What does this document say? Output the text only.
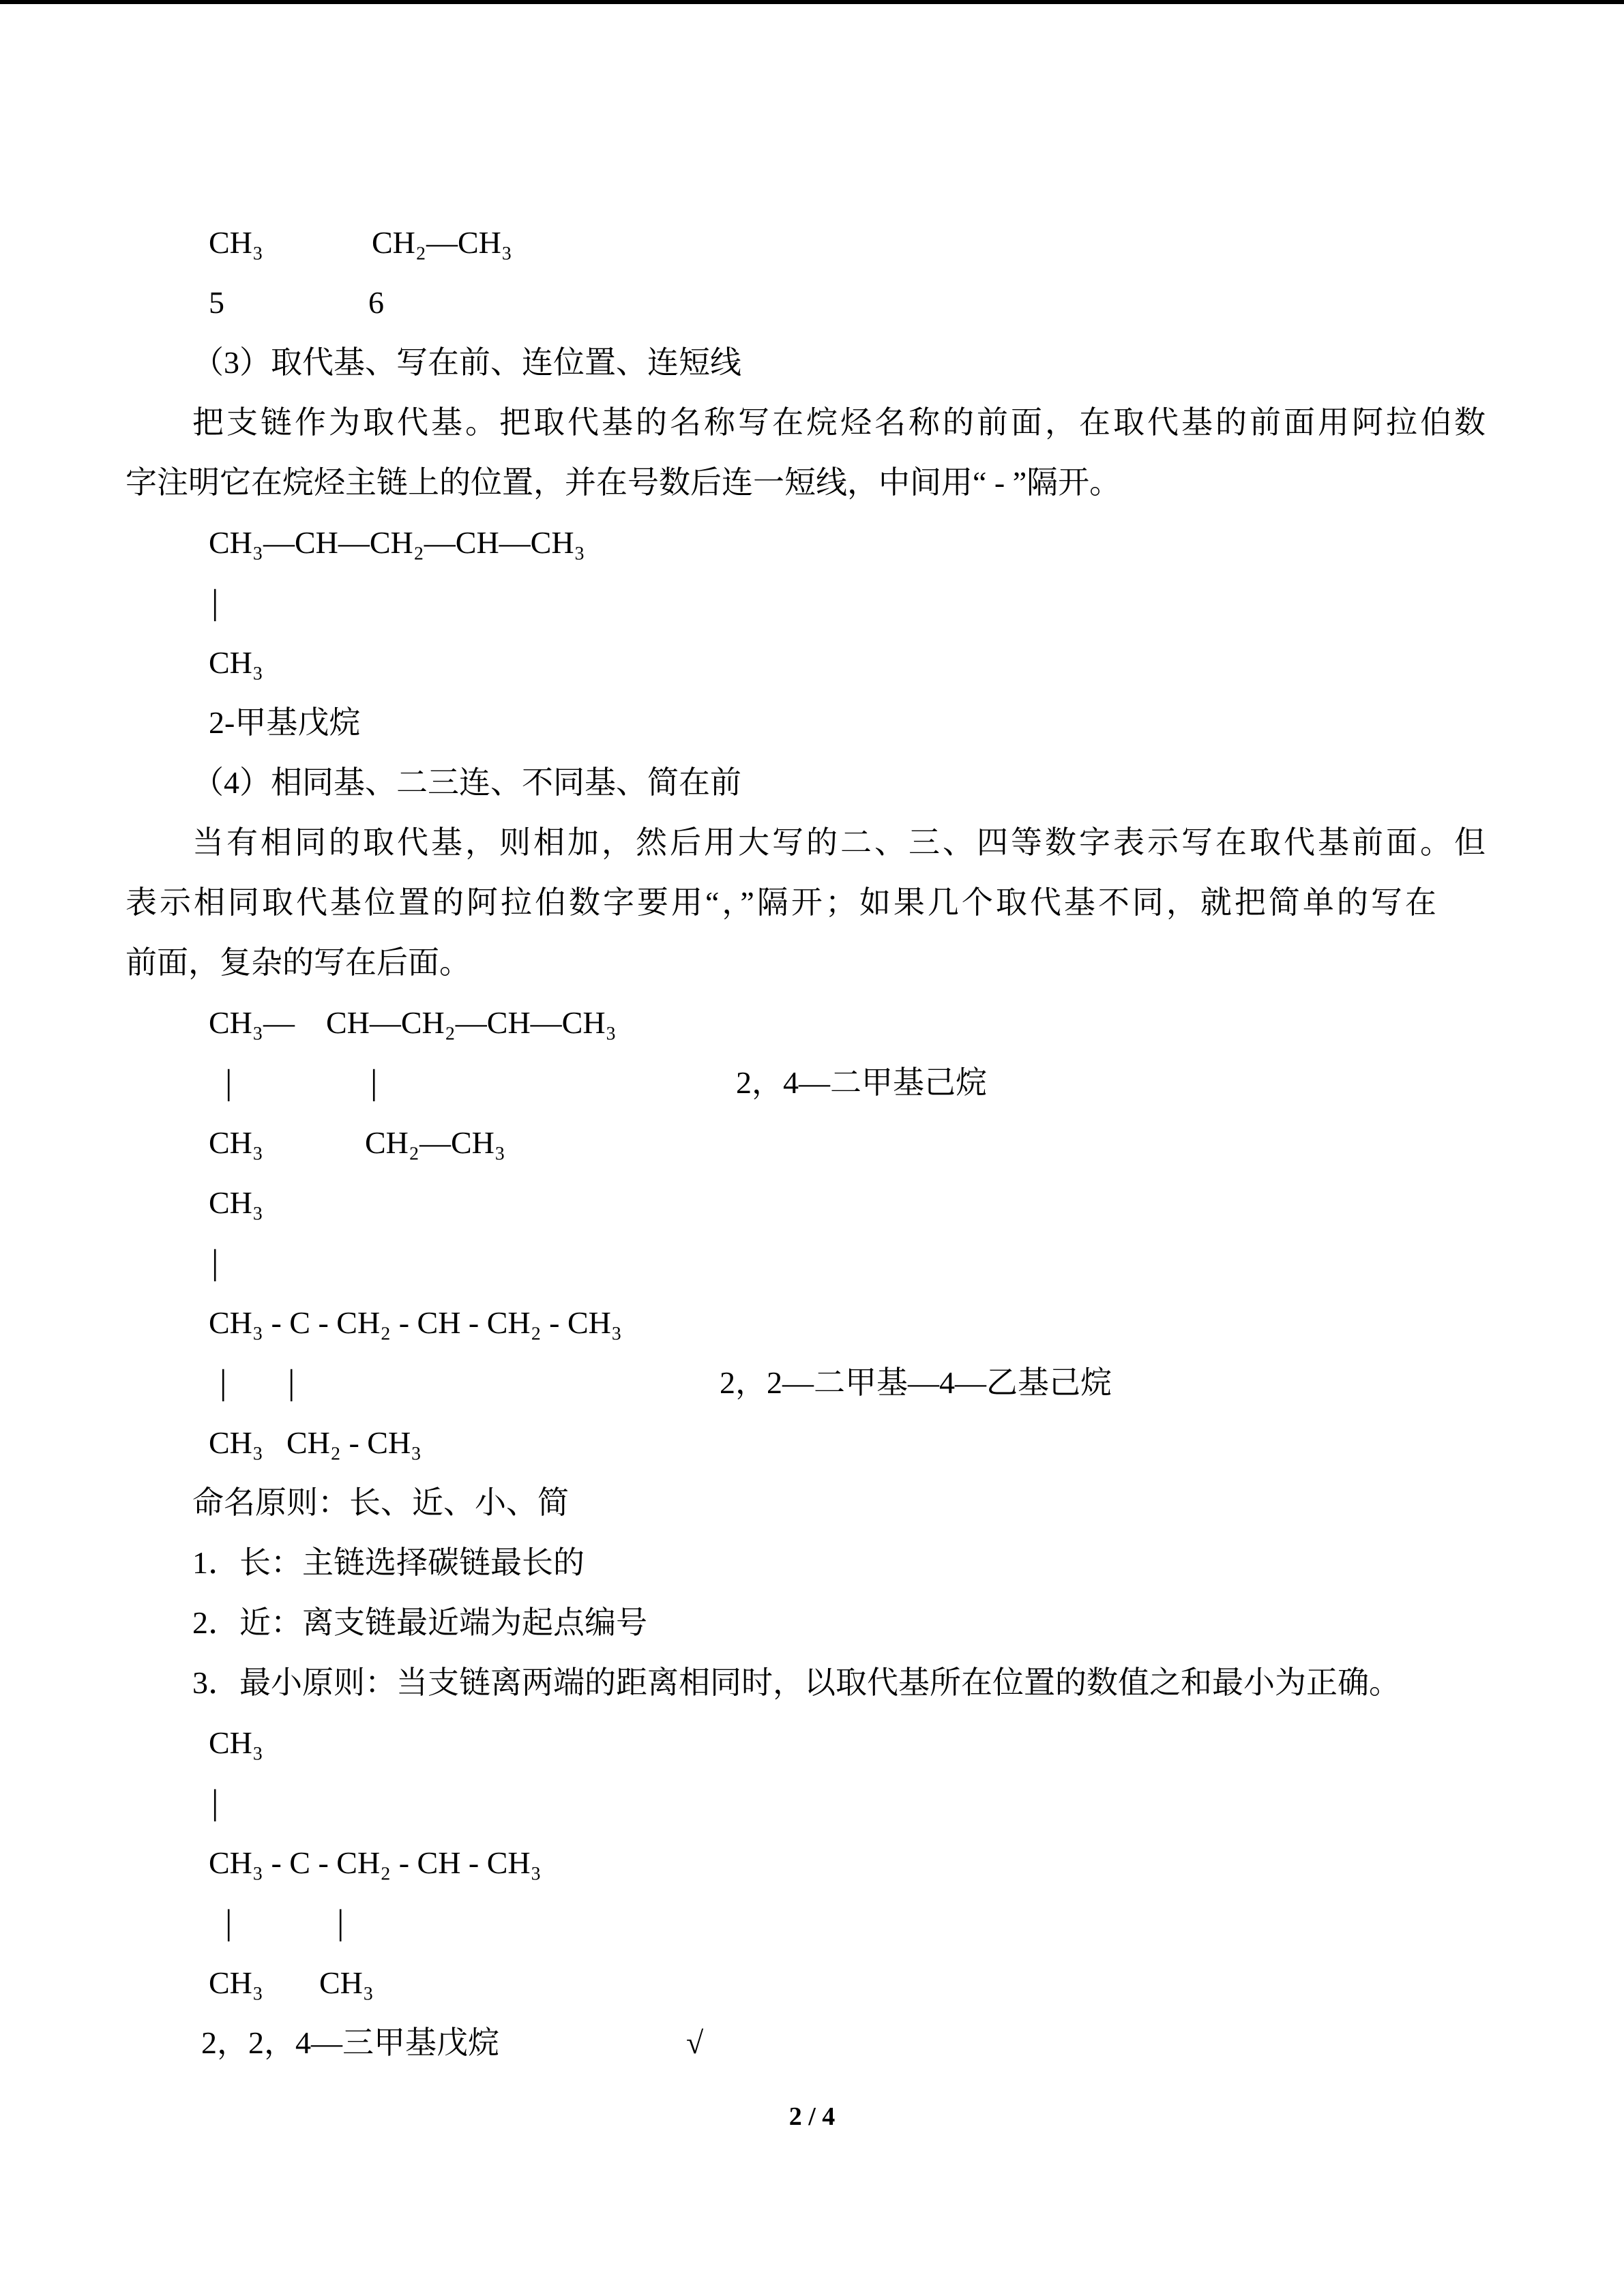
CH₃	CH₂—CH₃
5	6
（3）取代基、写在前、连位置、连短线
把支链作为取代基。把取代基的名称写在烷烃名称的前面，在取代基的前面用阿拉伯数
字注明它在烷烃主链上的位置，并在号数后连一短线，中间用“ - ”隔开。
CH₃—CH—CH₂—CH—CH₃
|
CH₃
2-甲基戊烷
（4）相同基、二三连、不同基、简在前
当有相同的取代基，则相加，然后用大写的二、三、四等数字表示写在取代基前面。但
表示相同取代基位置的阿拉伯数字要用“，”隔开；如果几个取代基不同，就把简单的写在
前面，复杂的写在后面。
CH₃—　CH—CH₂—CH—CH₃
|	|	2，4—二甲基己烷
CH₃	CH₂—CH₃
CH₃
|
CH₃ - C - CH₂ - CH - CH₂ - CH₃
| |	2，2—二甲基—4—乙基己烷
CH₃ CH₂ - CH₃
命名原则：长、近、小、简
1．长：主链选择碳链最长的
2．近：离支链最近端为起点编号
3．最小原则：当支链离两端的距离相同时，以取代基所在位置的数值之和最小为正确。
CH₃
|
CH₃ - C - CH₂ - CH - CH₃
|	|
CH₃ CH₃
2，2，4—三甲基戊烷	√
2 / 4
